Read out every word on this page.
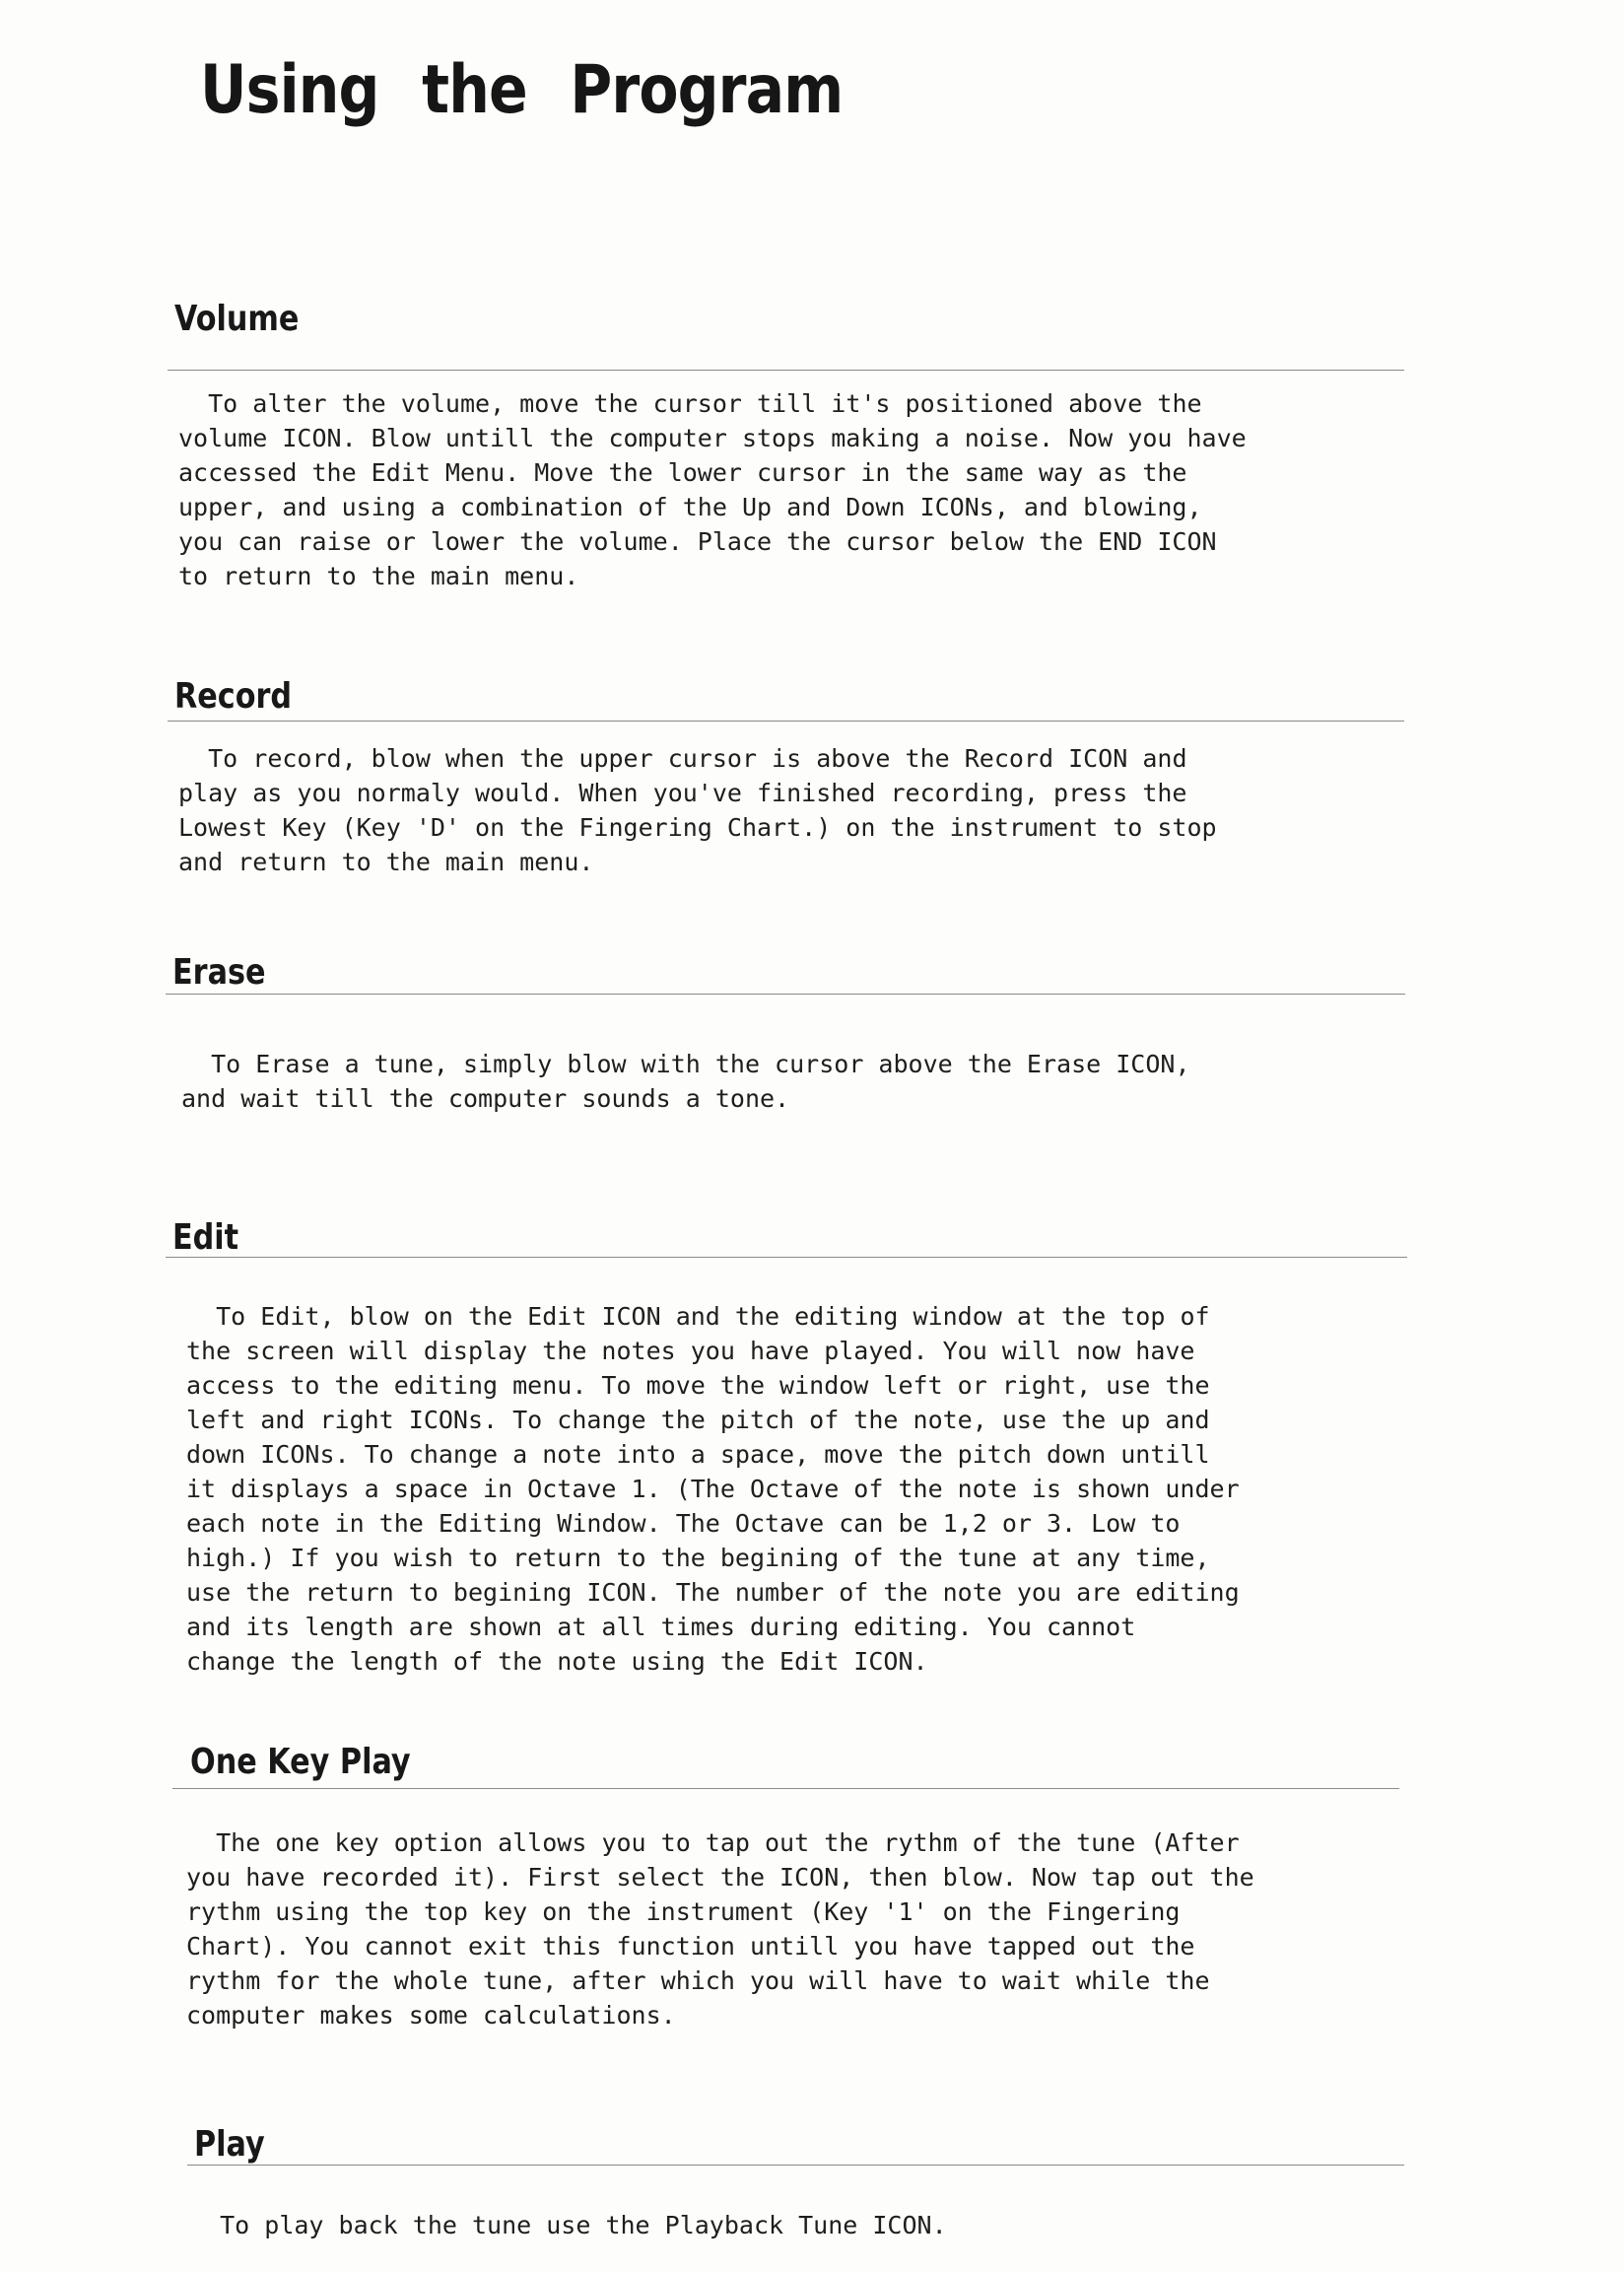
Using the Program
Volume

To alter the volume, move the cursor till it's positioned above the
volume ICON. Blow untill the computer stops making a noise. Now you have
accessed the Edit Menu. Move the lower cursor in the same way as the
upper, and using a combination of the Up and Down ICONs, and blowing,
you can raise or lower the volume. Place the cursor below the END ICON
to return to the main menu.

Record

To record, blow when the upper cursor is above the Record ICON and
play as you normaly would. When you've finished recording, press the
Lowest Key (Key 'D' on the Fingering Chart.) on the instrument to stop
and return to the main menu.

Erase

To Erase a tune, simply blow with the cursor above the Erase ICON,
and wait till the computer sounds a tone.

Edit

To Edit, blow on the Edit ICON and the editing window at the top of
the screen will display the notes you have played. You will now have
access to the editing menu. To move the window left or right, use the
left and right ICONs. To change the pitch of the note, use the up and
down ICONs. To change a note into a space, move the pitch down untill
it displays a space in Octave 1. (The Octave of the note is shown under
each note in the Editing Window. The Octave can be 1,2 or 3. Low to
high.) If you wish to return to the begining of the tune at any time,
use the return to begining ICON. The number of the note you are editing
and its length are shown at all times during editing. You cannot
change the length of the note using the Edit ICON.

One Key Play

The one key option allows you to tap out the rythm of the tune (After
you have recorded it). First select the ICON, then blow. Now tap out the
rythm using the top key on the instrument (Key '1' on the Fingering
Chart). You cannot exit this function untill you have tapped out the
rythm for the whole tune, after which you will have to wait while the
computer makes some calculations.

Play

To play back the tune use the Playback Tune ICON.
